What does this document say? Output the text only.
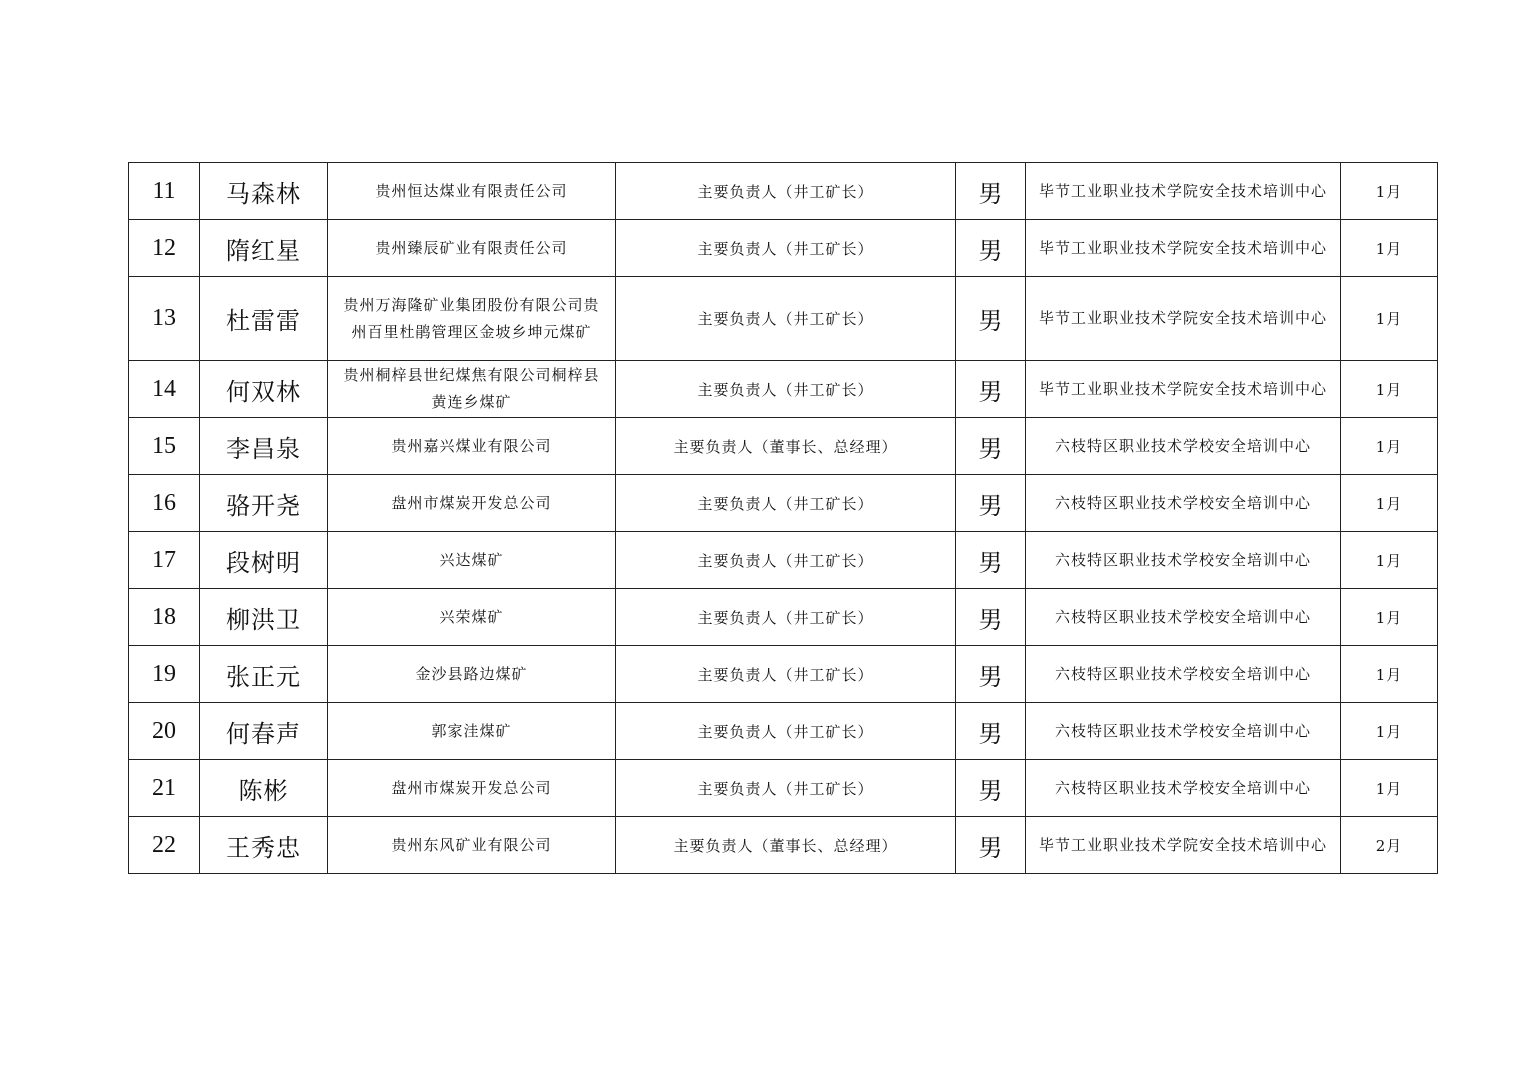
11	马森林	贵州恒达煤业有限责任公司	主要负责人（井工矿长）	男	毕节工业职业技术学院安全技术培训中心	1月
12	隋红星	贵州臻辰矿业有限责任公司	主要负责人（井工矿长）	男	毕节工业职业技术学院安全技术培训中心	1月
13	杜雷雷	贵州万海隆矿业集团股份有限公司贵州百里杜鹃管理区金坡乡坤元煤矿	主要负责人（井工矿长）	男	毕节工业职业技术学院安全技术培训中心	1月
14	何双林	贵州桐梓县世纪煤焦有限公司桐梓县黄连乡煤矿	主要负责人（井工矿长）	男	毕节工业职业技术学院安全技术培训中心	1月
15	李昌泉	贵州嘉兴煤业有限公司	主要负责人（董事长、总经理）	男	六枝特区职业技术学校安全培训中心	1月
16	骆开尧	盘州市煤炭开发总公司	主要负责人（井工矿长）	男	六枝特区职业技术学校安全培训中心	1月
17	段树明	兴达煤矿	主要负责人（井工矿长）	男	六枝特区职业技术学校安全培训中心	1月
18	柳洪卫	兴荣煤矿	主要负责人（井工矿长）	男	六枝特区职业技术学校安全培训中心	1月
19	张正元	金沙县路边煤矿	主要负责人（井工矿长）	男	六枝特区职业技术学校安全培训中心	1月
20	何春声	郭家洼煤矿	主要负责人（井工矿长）	男	六枝特区职业技术学校安全培训中心	1月
21	陈彬	盘州市煤炭开发总公司	主要负责人（井工矿长）	男	六枝特区职业技术学校安全培训中心	1月
22	王秀忠	贵州东风矿业有限公司	主要负责人（董事长、总经理）	男	毕节工业职业技术学院安全技术培训中心	2月
